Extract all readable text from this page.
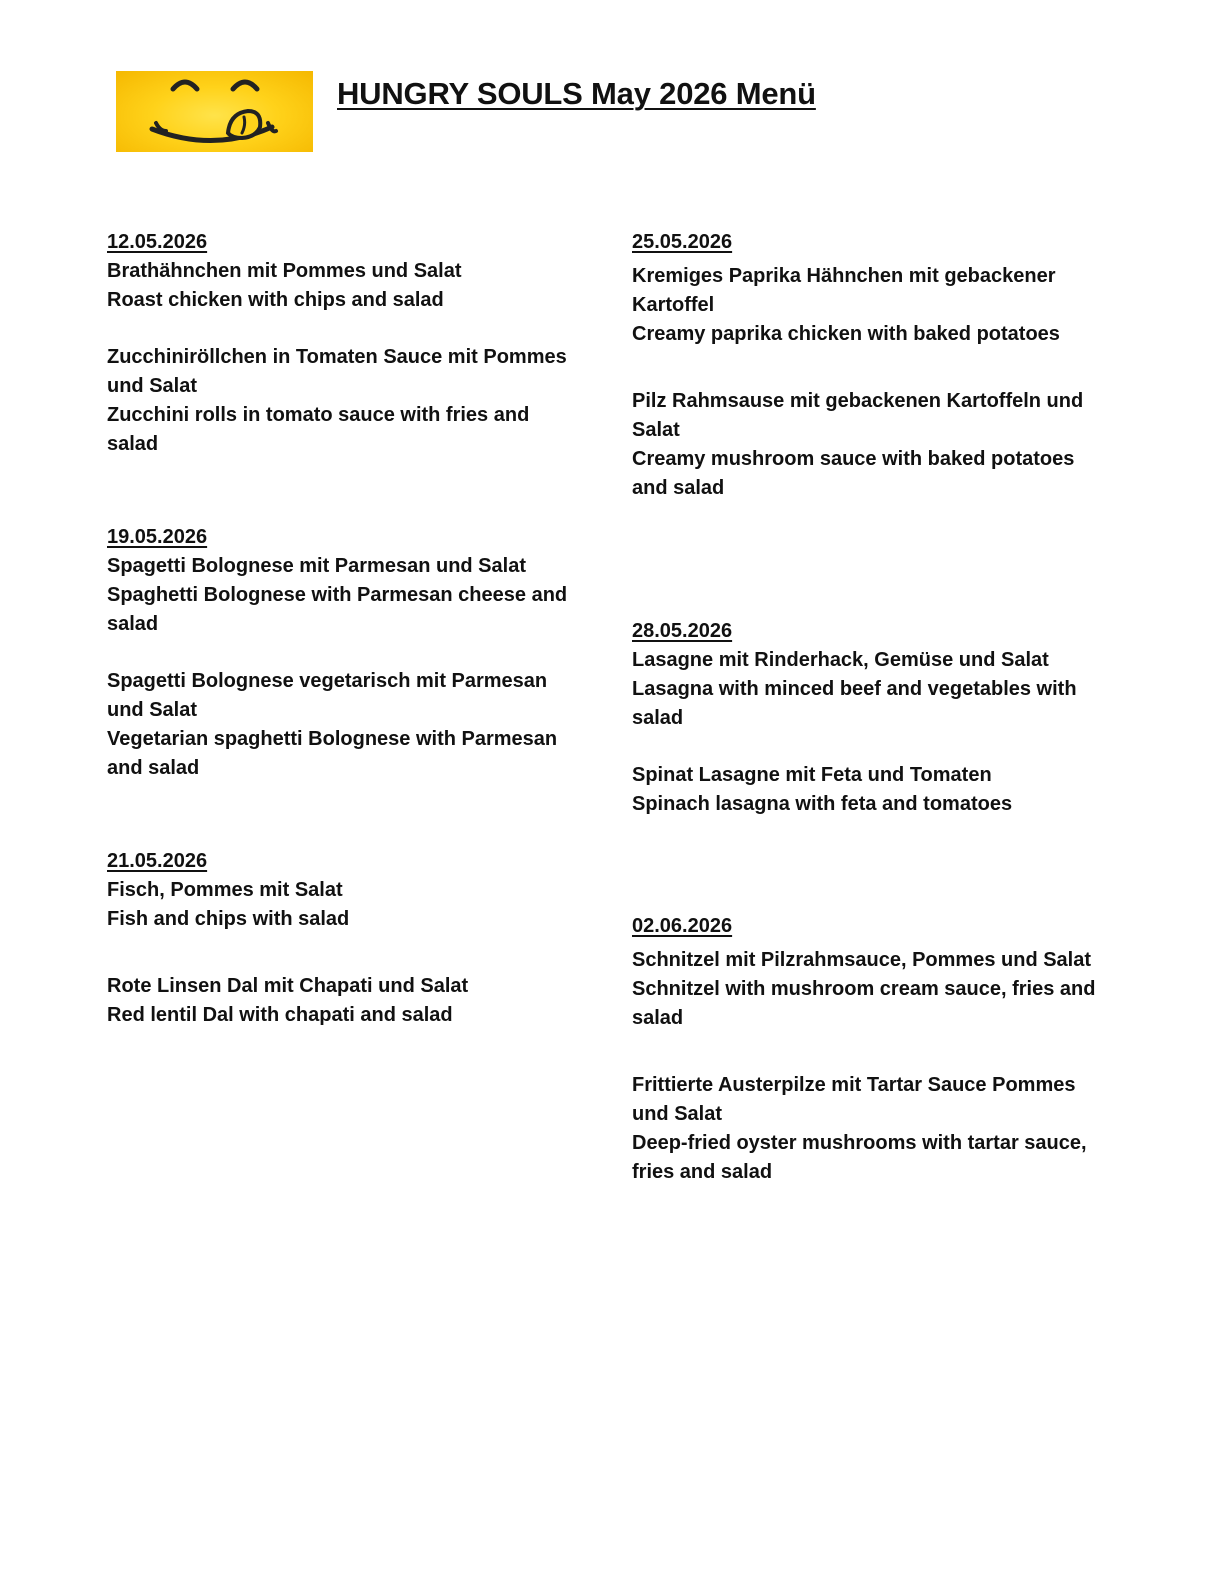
HUNGRY SOULS May 2026 Menü
12.05.2026

Brathähnchen mit Pommes und Salat

Roast chicken with chips and salad

Zucchiniröllchen in Tomaten Sauce mit Pommes und Salat

Zucchini rolls in tomato sauce with fries and salad

19.05.2026

Spagetti Bolognese mit Parmesan und Salat

Spaghetti Bolognese with Parmesan cheese and salad

Spagetti Bolognese vegetarisch mit Parmesan und Salat

Vegetarian spaghetti Bolognese with Parmesan and salad

21.05.2026

Fisch, Pommes mit Salat

Fish and chips with salad

Rote Linsen Dal mit Chapati und Salat

Red lentil Dal with chapati and salad

25.05.2026

Kremiges Paprika Hähnchen mit gebackener Kartoffel

Creamy paprika chicken with baked potatoes

Pilz Rahmsause mit gebackenen Kartoffeln und Salat

Creamy mushroom sauce with baked potatoes and salad

28.05.2026

Lasagne mit Rinderhack, Gemüse und Salat

Lasagna with minced beef and vegetables with salad

Spinat Lasagne mit Feta und Tomaten

Spinach lasagna with feta and tomatoes

02.06.2026

Schnitzel mit Pilzrahmsauce, Pommes und Salat

Schnitzel with mushroom cream sauce, fries and salad

Frittierte Austerpilze mit Tartar Sauce Pommes und Salat

Deep-fried oyster mushrooms with tartar sauce, fries and salad
